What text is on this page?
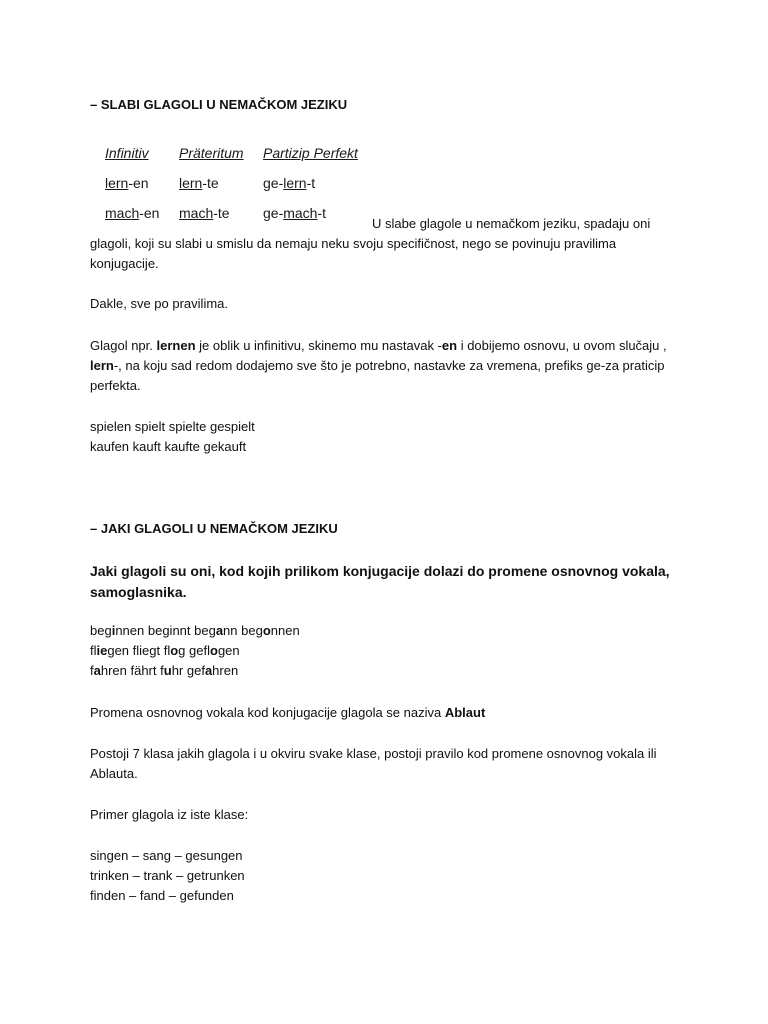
– SLABI GLAGOLI U NEMAČKOM JEZIKU

Infinitiv Präteritum Partizip Perfekt
lern-en lern-te	ge-lern-t
mach-en mach-te ge-mach-t

U slabe glagole u nemačkom jeziku, spadaju oni

glagoli, koji su slabi u smislu da nemaju neku svoju specifičnost, nego se povinuju pravilima konjugacije.

Dakle, sve po pravilima.

Glagol npr. lernen je oblik u infinitivu, skinemo mu nastavak -en i dobijemo osnovu, u ovom slučaju , lern-, na koju sad redom dodajemo sve što je potrebno, nastavke za vremena, prefiks ge-za praticip perfekta.

spielen spielt spielte gespielt

kaufen kauft kaufte gekauft

– JAKI GLAGOLI U NEMAČKOM JEZIKU

Jaki glagoli su oni, kod kojih prilikom konjugacije dolazi do promene osnovnog vokala, samoglasnika.

beginnen beginnt begann begonnen

fliegen fliegt flog geflogen

fahren fährt fuhr gefahren

Promena osnovnog vokala kod konjugacije glagola se naziva Ablaut

Postoji 7 klasa jakih glagola i u okviru svake klase, postoji pravilo kod promene osnovnog vokala ili Ablauta.

Primer glagola iz iste klase:

singen – sang – gesungen

trinken – trank – getrunken

finden – fand – gefunden
